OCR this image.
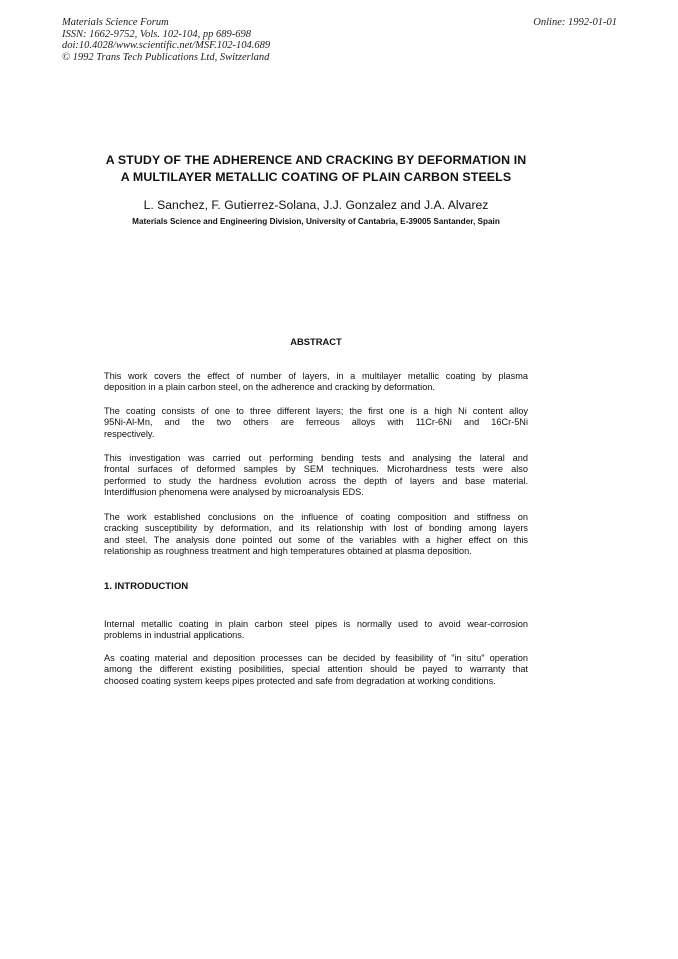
Materials Science Forum
ISSN: 1662-9752, Vols. 102-104, pp 689-698
doi:10.4028/www.scientific.net/MSF.102-104.689
© 1992 Trans Tech Publications Ltd, Switzerland
Online: 1992-01-01
A STUDY OF THE ADHERENCE AND CRACKING BY DEFORMATION IN
A MULTILAYER METALLIC COATING OF PLAIN CARBON STEELS
L. Sanchez, F. Gutierrez-Solana, J.J. Gonzalez and J.A. Alvarez
Materials Science and Engineering Division, University of Cantabria, E-39005 Santander, Spain
ABSTRACT

This work covers the effect of number of layers, in a multilayer metallic coating by plasma
deposition in a plain carbon steel, on the adherence and cracking by deformation.

The coating consists of one to three different layers; the first one is a high Ni content alloy
95Ni-Al-Mn, and the two others are ferreous alloys with 11Cr-6Ni and 16Cr-5Ni
respectively.

This investigation was carried out performing bending tests and analysing the lateral and
frontal surfaces of deformed samples by SEM techniques. Microhardness tests were also
performed to study the hardness evolution across the depth of layers and base material.
Interdiffusion phenomena were analysed by microanalysis EDS.

The work established conclusions on the influence of coating composition and stiffness on
cracking susceptibility by deformation, and its relationship with lost of bonding among layers
and steel. The analysis done pointed out some of the variables with a higher effect on this
relationship as roughness treatment and high temperatures obtained at plasma deposition.

1. INTRODUCTION

Internal metallic coating in plain carbon steel pipes is normally used to avoid wear-corrosion
problems in industrial applications.

As coating material and deposition processes can be decided by feasibility of "in situ" operation
among the different existing posibilities, special attention should be payed to warranty that
choosed coating system keeps pipes protected and safe from degradation at working conditions.
